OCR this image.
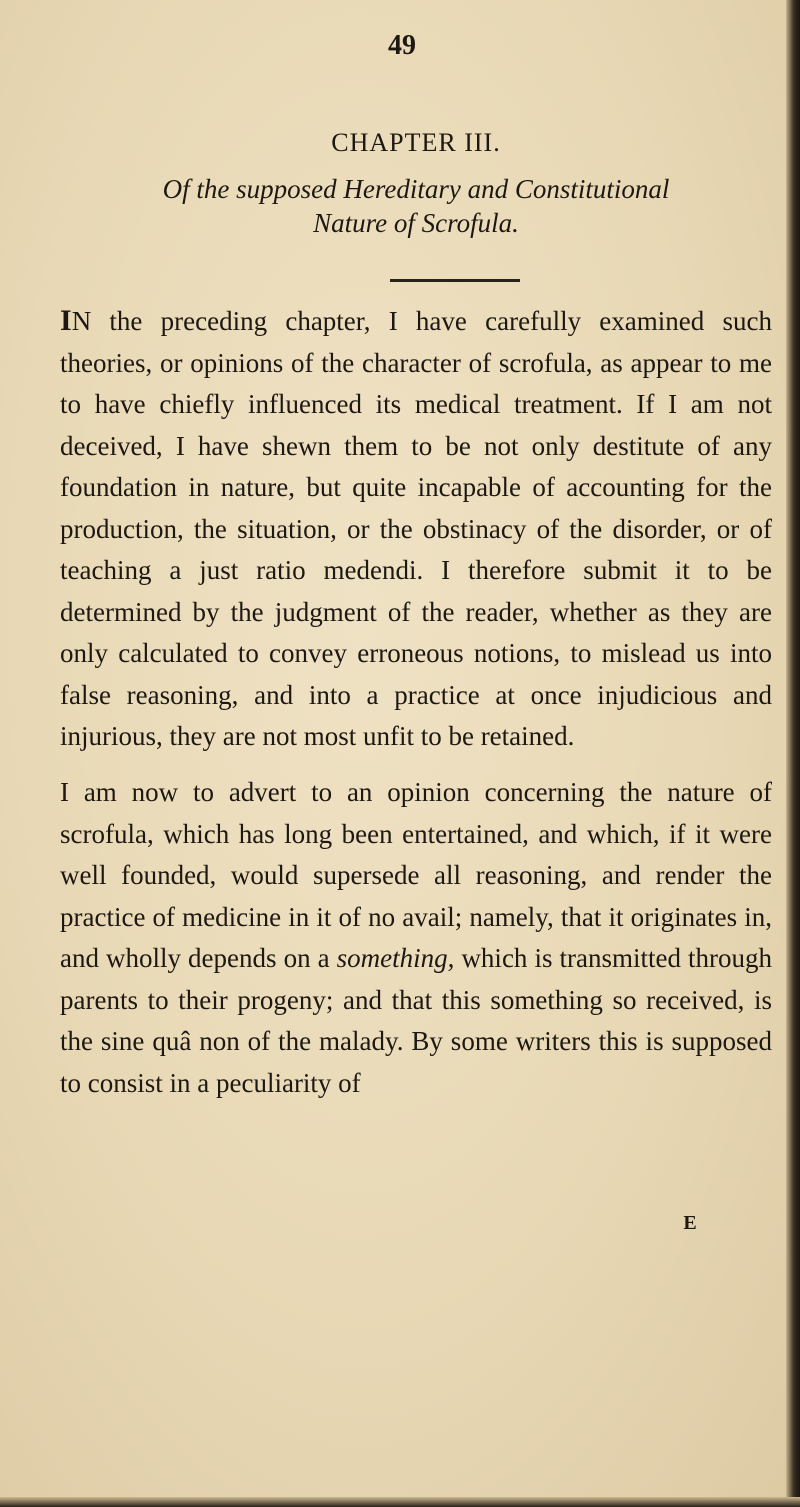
49
CHAPTER III.
Of the supposed Hereditary and Constitutional
Nature of Scrofula.

IN the preceding chapter, I have carefully examined such theories, or opinions of the character of scrofula, as appear to me to have chiefly influenced its medical treatment. If I am not deceived, I have shewn them to be not only destitute of any foundation in nature, but quite incapable of accounting for the production, the situation, or the obstinacy of the disorder, or of teaching a just ratio medendi. I therefore submit it to be determined by the judgment of the reader, whether as they are only calculated to convey erroneous notions, to mislead us into false reasoning, and into a practice at once injudicious and injurious, they are not most unfit to be retained.

I am now to advert to an opinion concerning the nature of scrofula, which has long been entertained, and which, if it were well founded, would supersede all reasoning, and render the practice of medicine in it of no avail; namely, that it originates in, and wholly depends on a something, which is transmitted through parents to their progeny; and that this something so received, is the sine quâ non of the malady. By some writers this is supposed to consist in a peculiarity of

E
